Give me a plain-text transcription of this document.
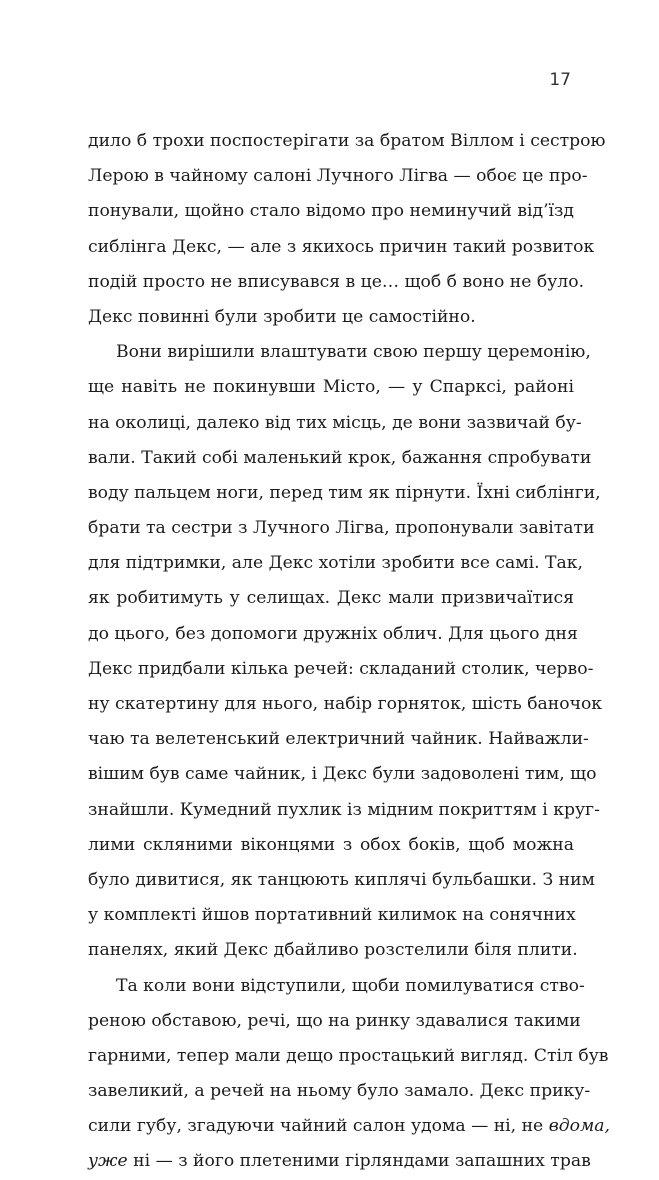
17
дило б трохи поспостерігати за братом Віллом і сестрою
Лерою в чайному салоні Лучного Лігва — обоє це про-
понували, щойно стало відомо про неминучий від’їзд
сиблінга Декс, — але з якихось причин такий розвиток
подій просто не вписувався в це… щоб б воно не було.
Декс повинні були зробити це самостійно.
Вони вирішили влаштувати свою першу церемонію,
ще навіть не покинувши Місто, — у Спарксі, районі
на околиці, далеко від тих місць, де вони зазвичай бу-
вали. Такий собі маленький крок, бажання спробувати
воду пальцем ноги, перед тим як пірнути. Їхні сиблінги,
брати та сестри з Лучного Лігва, пропонували завітати
для підтримки, але Декс хотіли зробити все самі. Так,
як робитимуть у селищах. Декс мали призвичаїтися
до цього, без допомоги дружніх облич. Для цього дня
Декс придбали кілька речей: складаний столик, черво-
ну скатертину для нього, набір горняток, шість баночок
чаю та велетенський електричний чайник. Найважли-
вішим був саме чайник, і Декс були задоволені тим, що
знайшли. Кумедний пухлик із мідним покриттям і круг-
лими скляними віконцями з обох боків, щоб можна
було дивитися, як танцюють киплячі бульбашки. З ним
у комплекті йшов портативний килимок на сонячних
панелях, який Декс дбайливо розстелили біля плити.
Та коли вони відступили, щоби помилуватися ство-
реною обставою, речі, що на ринку здавалися такими
гарними, тепер мали дещо простацький вигляд. Стіл був
завеликий, а речей на ньому було замало. Декс прику-
сили губу, згадуючи чайний салон удома — ні, не вдома,
уже ні — з його плетеними гірляндами запашних трав
